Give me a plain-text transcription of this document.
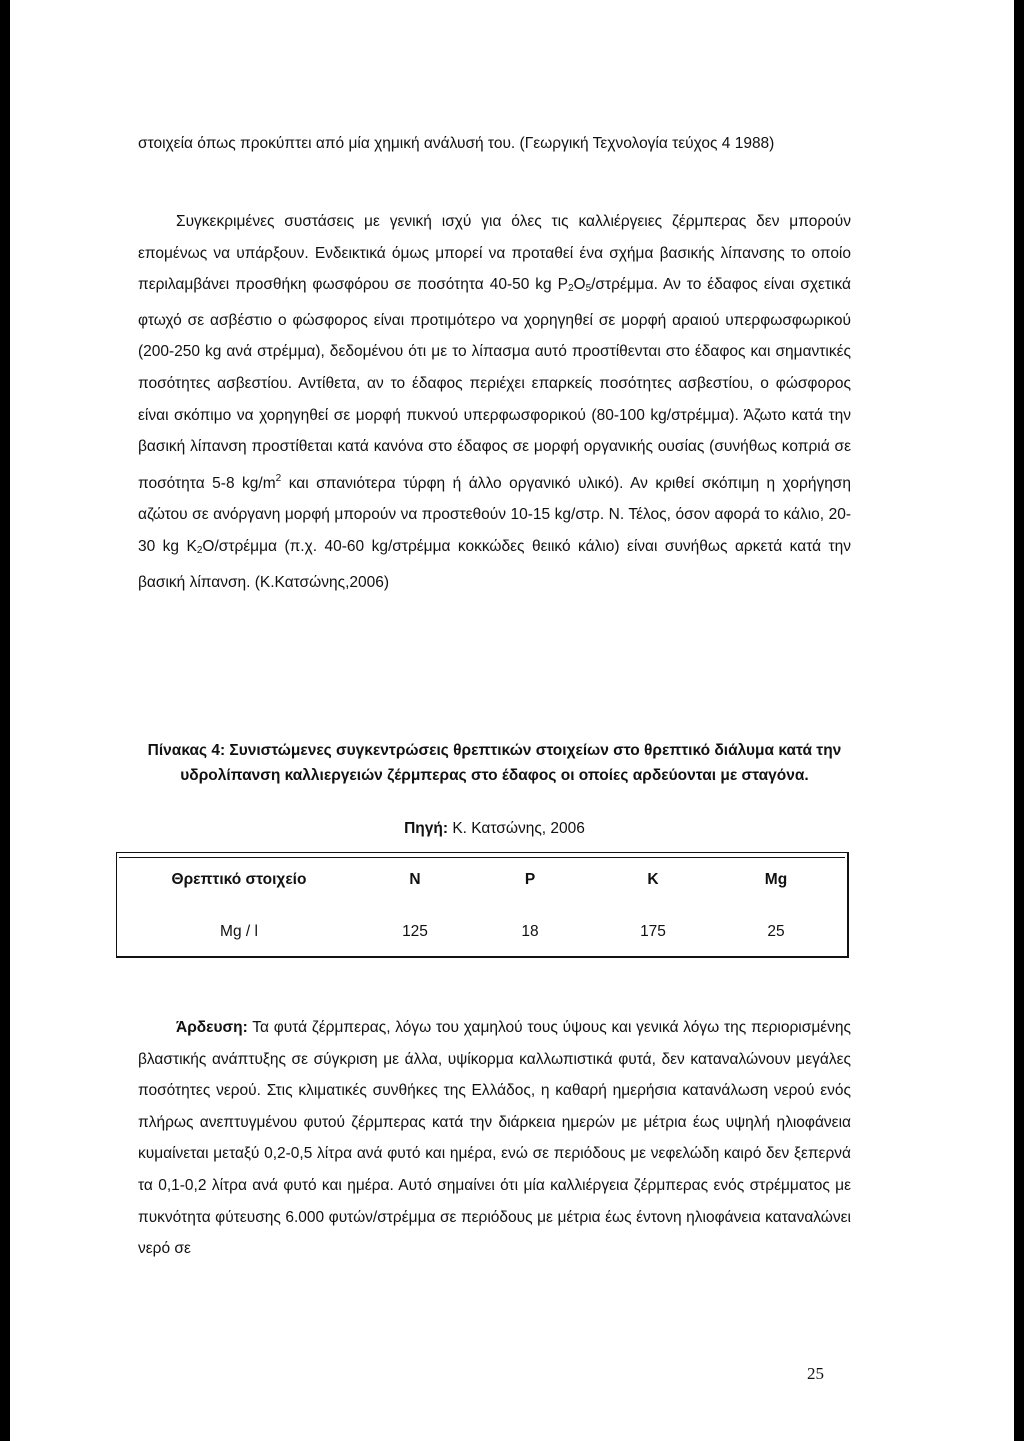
στοιχεία όπως προκύπτει από μία χημική ανάλυσή του. (Γεωργική Τεχνολογία τεύχος 4 1988)

Συγκεκριμένες συστάσεις με γενική ισχύ για όλες τις καλλιέργειες ζέρμπερας δεν μπορούν επομένως να υπάρξουν. Ενδεικτικά όμως μπορεί να προταθεί ένα σχήμα βασικής λίπανσης το οποίο περιλαμβάνει προσθήκη φωσφόρου σε ποσότητα 40-50 kg $P_2O_5$/στρέμμα. Αν το έδαφος είναι σχετικά φτωχό σε ασβέστιο ο φώσφορος είναι προτιμότερο να χορηγηθεί σε μορφή αραιού υπερφωσφωρικού (200-250 kg ανά στρέμμα), δεδομένου ότι με το λίπασμα αυτό προστίθενται στο έδαφος και σημαντικές ποσότητες ασβεστίου. Αντίθετα, αν το έδαφος περιέχει επαρκείς ποσότητες ασβεστίου, ο φώσφορος είναι σκόπιμο να χορηγηθεί σε μορφή πυκνού υπερφωσφορικού (80-100 kg/στρέμμα). Άζωτο κατά την βασική λίπανση προστίθεται κατά κανόνα στο έδαφος σε μορφή οργανικής ουσίας (συνήθως κοπριά σε ποσότητα 5-8 $kg/m^2$ και σπανιότερα τύρφη ή άλλο οργανικό υλικό). Αν κριθεί σκόπιμη η χορήγηση αζώτου σε ανόργανη μορφή μπορούν να προστεθούν 10-15 kg/στρ. Ν. Τέλος, όσον αφορά το κάλιο, 20-30 kg $K_2O$/στρέμμα (π.χ. 40-60 kg/στρέμμα κοκκώδες θειικό κάλιο) είναι συνήθως αρκετά κατά την βασική λίπανση. (Κ.Κατσώνης,2006)

Πίνακας 4: Συνιστώμενες συγκεντρώσεις θρεπτικών στοιχείων στο θρεπτικό διάλυμα κατά την υδρολίπανση καλλιεργειών ζέρμπερας στο έδαφος οι οποίες αρδεύονται με σταγόνα.
Πηγή: Κ. Κατσώνης, 2006
Θρεπτικό στοιχείο	N	P	K	Mg
Mg / l	125	18	175	25

Άρδευση: Τα φυτά ζέρμπερας, λόγω του χαμηλού τους ύψους και γενικά λόγω της περιορισμένης βλαστικής ανάπτυξης σε σύγκριση με άλλα, υψίκορμα καλλωπιστικά φυτά, δεν καταναλώνουν μεγάλες ποσότητες νερού. Στις κλιματικές συνθήκες της Ελλάδος, η καθαρή ημερήσια κατανάλωση νερού ενός πλήρως ανεπτυγμένου φυτού ζέρμπερας κατά την διάρκεια ημερών με μέτρια έως υψηλή ηλιοφάνεια κυμαίνεται μεταξύ 0,2-0,5 λίτρα ανά φυτό και ημέρα, ενώ σε περιόδους με νεφελώδη καιρό δεν ξεπερνά τα 0,1-0,2 λίτρα ανά φυτό και ημέρα. Αυτό σημαίνει ότι μία καλλιέργεια ζέρμπερας ενός στρέμματος με πυκνότητα φύτευσης 6.000 φυτών/στρέμμα σε περιόδους με μέτρια έως έντονη ηλιοφάνεια καταναλώνει νερό σε

25
